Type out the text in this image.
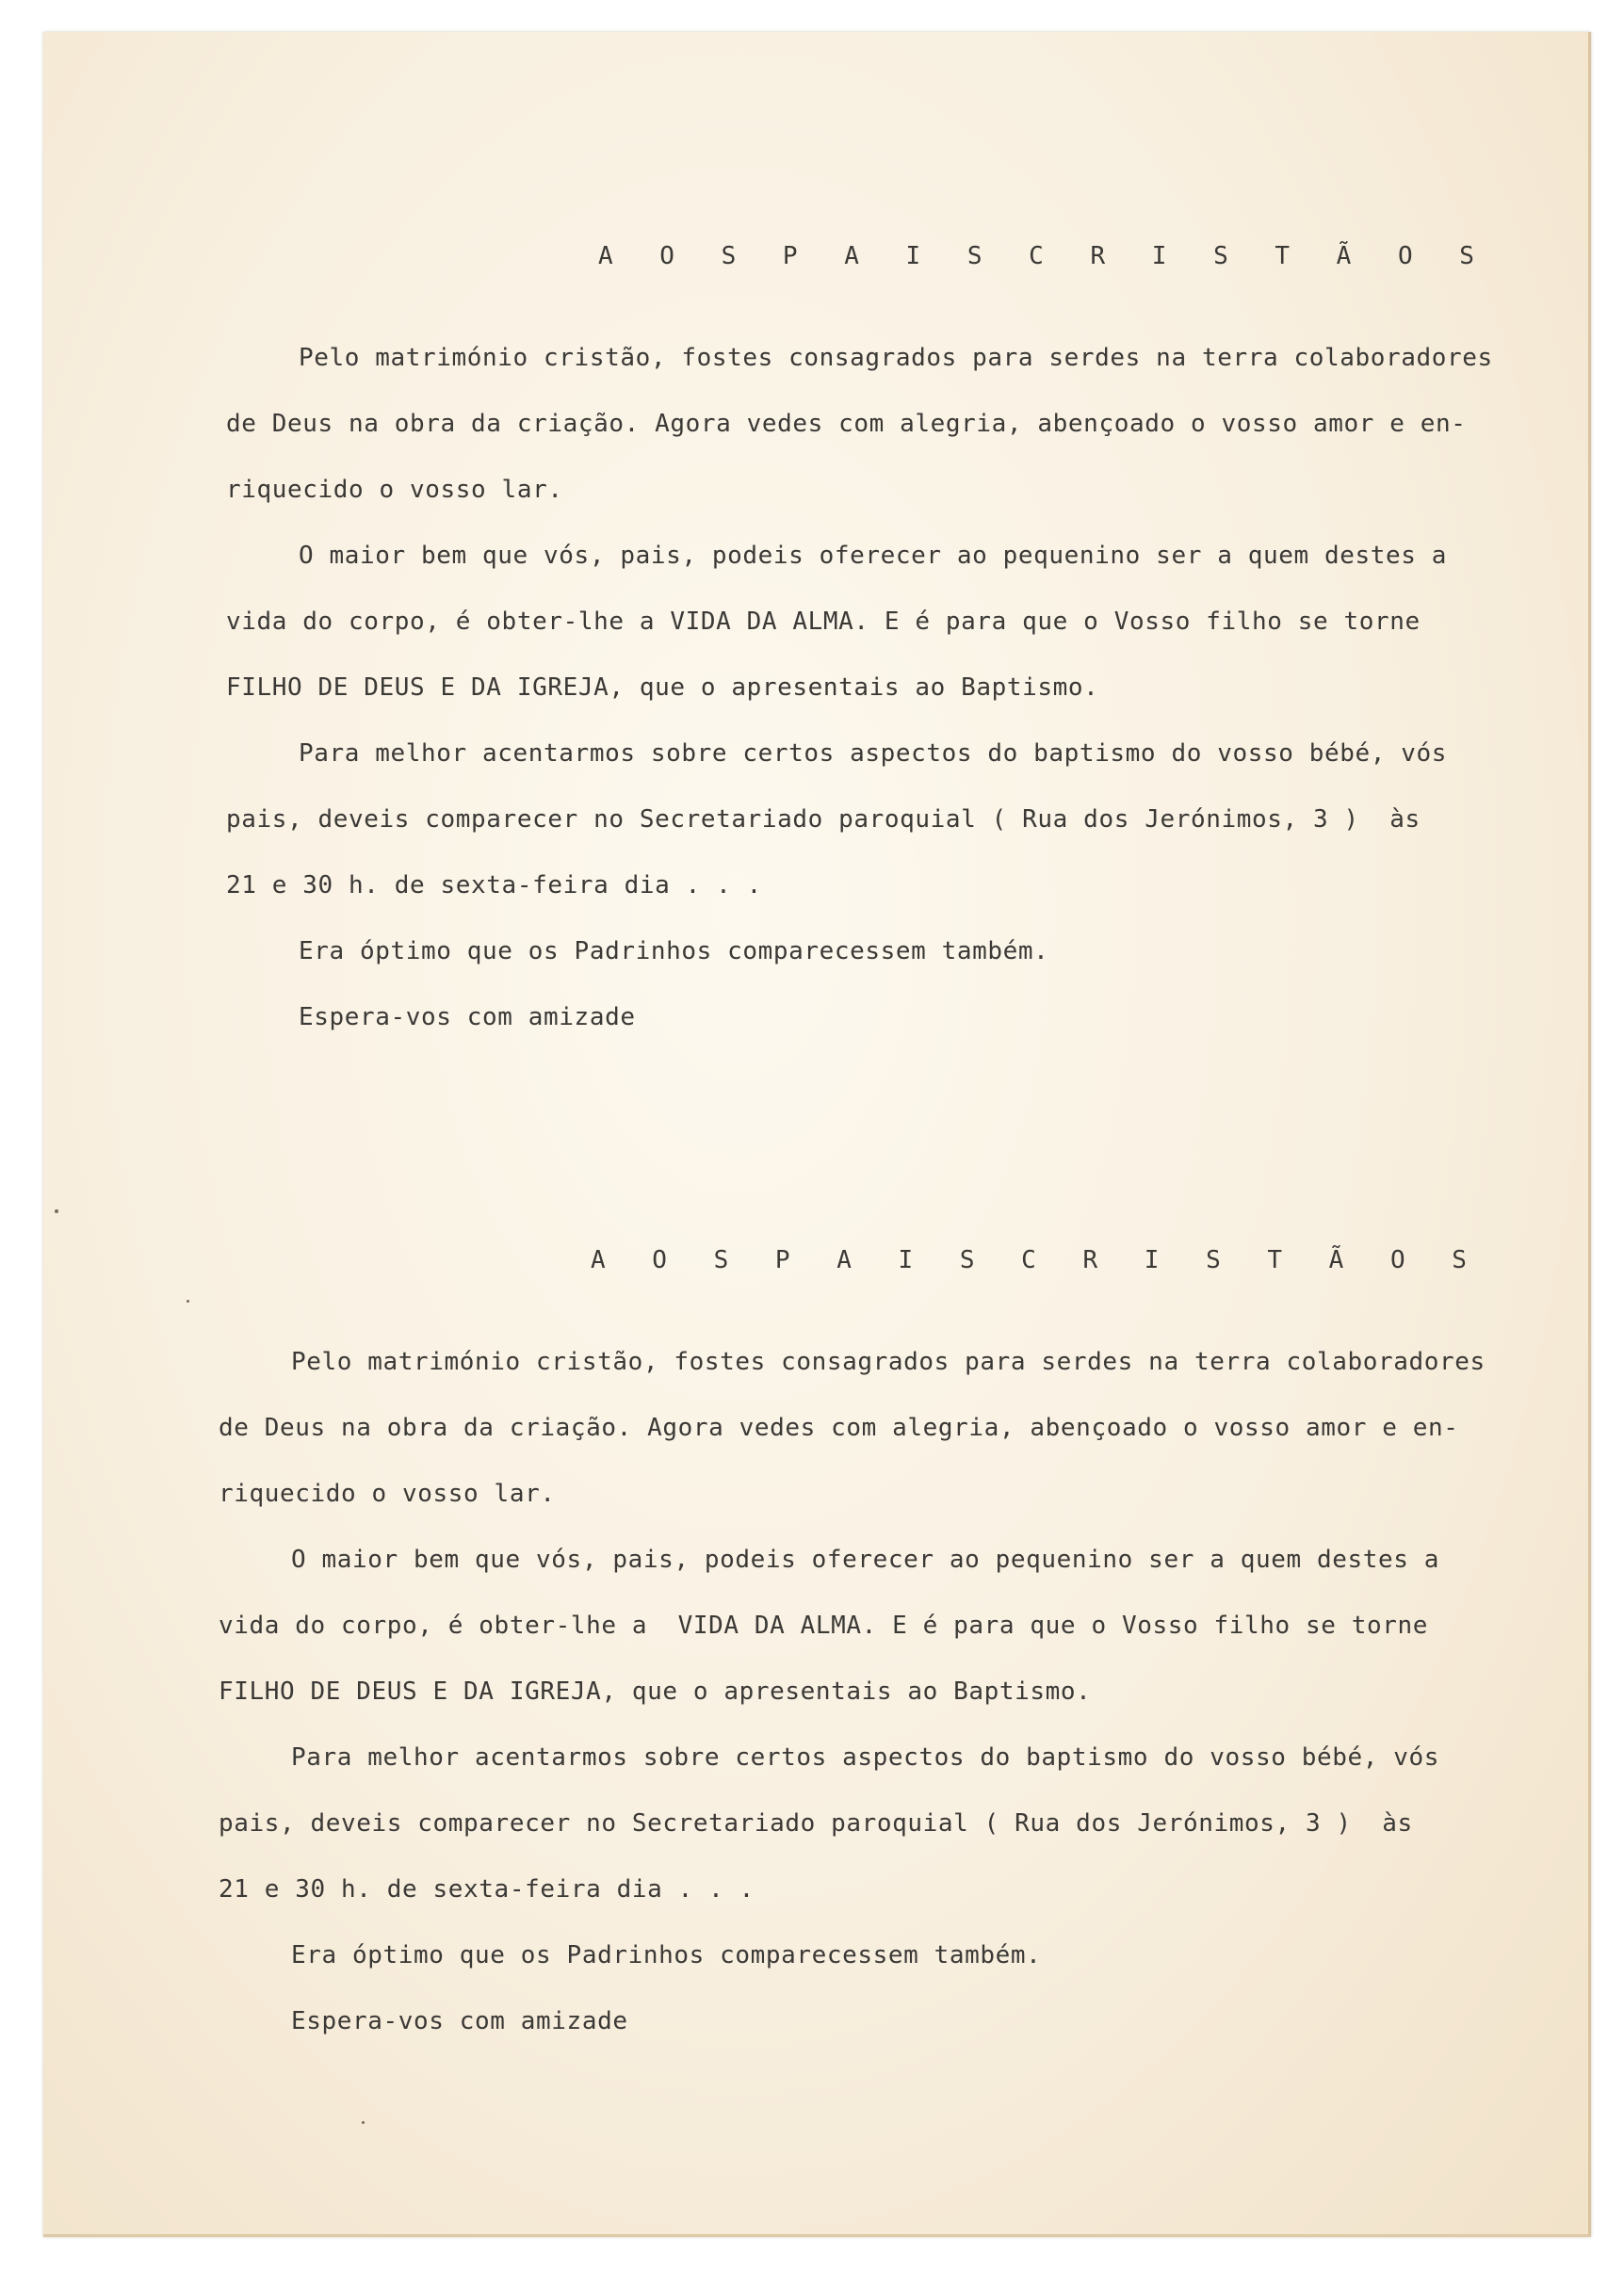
A O S P A I S C R I S T Ã O S
Pelo matrimónio cristão, fostes consagrados para serdes na terra colaboradores
de Deus na obra da criação. Agora vedes com alegria, abençoado o vosso amor e en-
riquecido o vosso lar.
O maior bem que vós, pais, podeis oferecer ao pequenino ser a quem destes a
vida do corpo, é obter-lhe a VIDA DA ALMA. E é para que o Vosso filho se torne
FILHO DE DEUS E DA IGREJA, que o apresentais ao Baptismo.
Para melhor acentarmos sobre certos aspectos do baptismo do vosso bébé, vós
pais, deveis comparecer no Secretariado paroquial ( Rua dos Jerónimos, 3 )  às
21 e 30 h. de sexta-feira dia . . .
Era óptimo que os Padrinhos comparecessem também.
Espera-vos com amizade
A O S P A I S C R I S T Ã O S
Pelo matrimónio cristão, fostes consagrados para serdes na terra colaboradores
de Deus na obra da criação. Agora vedes com alegria, abençoado o vosso amor e en-
riquecido o vosso lar.
O maior bem que vós, pais, podeis oferecer ao pequenino ser a quem destes a
vida do corpo, é obter-lhe a  VIDA DA ALMA. E é para que o Vosso filho se torne
FILHO DE DEUS E DA IGREJA, que o apresentais ao Baptismo.
Para melhor acentarmos sobre certos aspectos do baptismo do vosso bébé, vós
pais, deveis comparecer no Secretariado paroquial ( Rua dos Jerónimos, 3 )  às
21 e 30 h. de sexta-feira dia . . .
Era óptimo que os Padrinhos comparecessem também.
Espera-vos com amizade
